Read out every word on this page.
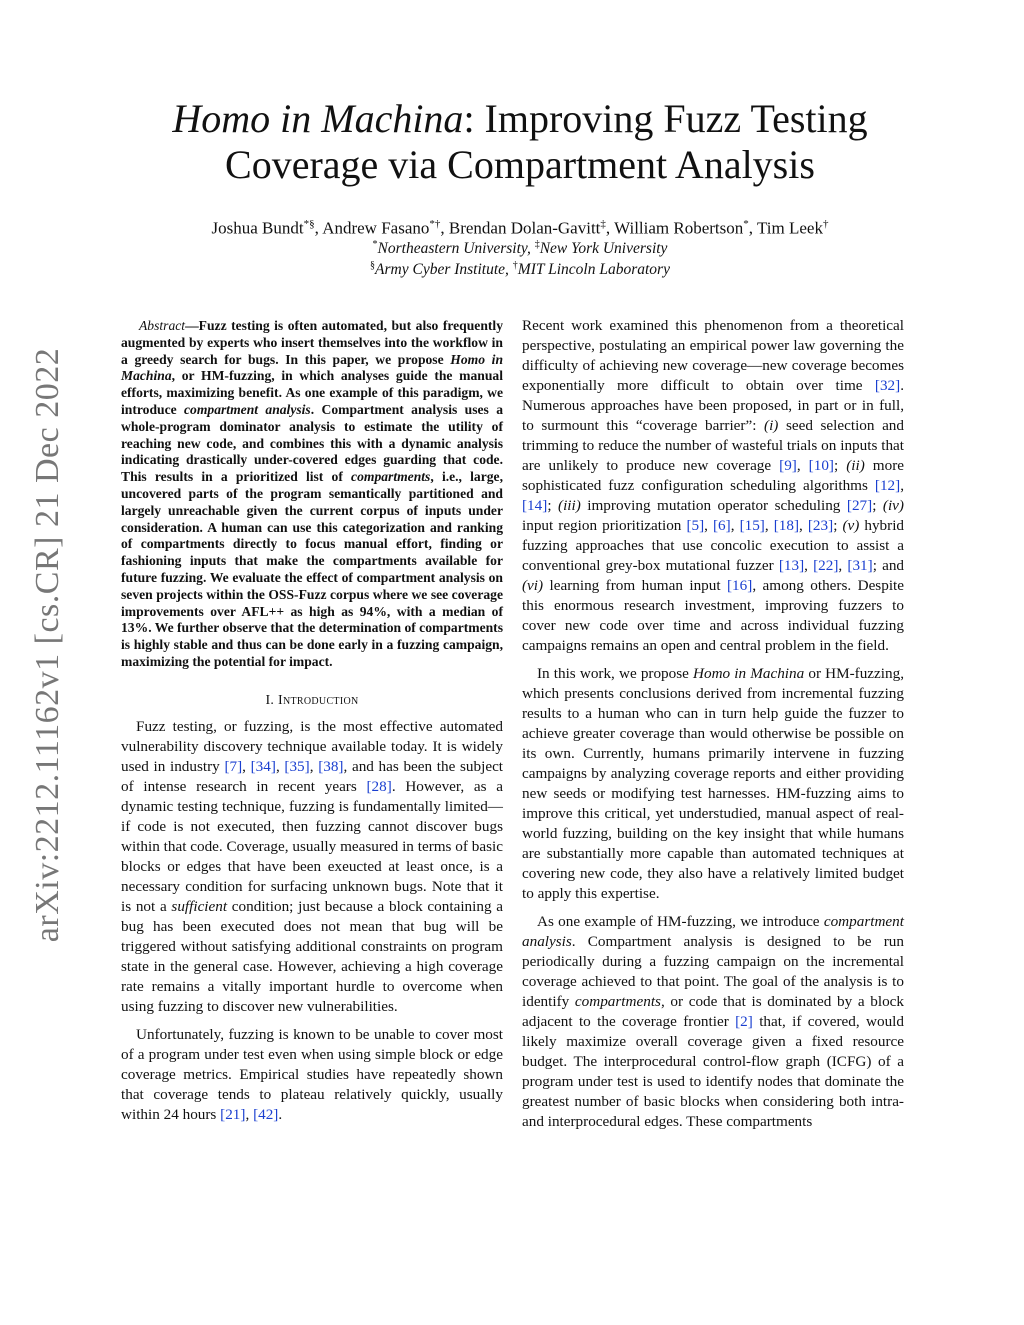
arXiv:2212.11162v1 [cs.CR] 21 Dec 2022
Homo in Machina: Improving Fuzz Testing
Coverage via Compartment Analysis
Joshua Bundt*§, Andrew Fasano*†, Brendan Dolan-Gavitt‡, William Robertson*, Tim Leek†
*Northeastern University, ‡New York University
§Army Cyber Institute, †MIT Lincoln Laboratory

Abstract—Fuzz testing is often automated, but also frequently augmented by experts who insert themselves into the workflow in a greedy search for bugs. In this paper, we propose Homo in Machina, or HM-fuzzing, in which analyses guide the manual efforts, maximizing benefit. As one example of this paradigm, we introduce compartment analysis. Compartment analysis uses a whole-program dominator analysis to estimate the utility of reaching new code, and combines this with a dynamic analysis indicating drastically under-covered edges guarding that code. This results in a prioritized list of compartments, i.e., large, uncovered parts of the program semantically partitioned and largely unreachable given the current corpus of inputs under consideration. A human can use this categorization and ranking of compartments directly to focus manual effort, finding or fashioning inputs that make the compartments available for future fuzzing. We evaluate the effect of compartment analysis on seven projects within the OSS-Fuzz corpus where we see coverage improvements over AFL++ as high as 94%, with a median of 13%. We further observe that the determination of compartments is highly stable and thus can be done early in a fuzzing campaign, maximizing the potential for impact.

I. Introduction

Fuzz testing, or fuzzing, is the most effective automated vulnerability discovery technique available today. It is widely used in industry [7], [34], [35], [38], and has been the subject of intense research in recent years [28]. However, as a dynamic testing technique, fuzzing is fundamentally limited—if code is not executed, then fuzzing cannot discover bugs within that code. Coverage, usually measured in terms of basic blocks or edges that have been exeucted at least once, is a necessary condition for surfacing unknown bugs. Note that it is not a sufficient condition; just because a block containing a bug has been executed does not mean that bug will be triggered without satisfying additional constraints on program state in the general case. However, achieving a high coverage rate remains a vitally important hurdle to overcome when using fuzzing to discover new vulnerabilities.

Unfortunately, fuzzing is known to be unable to cover most of a program under test even when using simple block or edge coverage metrics. Empirical studies have repeatedly shown that coverage tends to plateau relatively quickly, usually within 24 hours [21], [42].

Recent work examined this phenomenon from a theoretical perspective, postulating an empirical power law governing the difficulty of achieving new coverage—new coverage becomes exponentially more difficult to obtain over time [32]. Numerous approaches have been proposed, in part or in full, to surmount this “coverage barrier”: (i) seed selection and trimming to reduce the number of wasteful trials on inputs that are unlikely to produce new coverage [9], [10]; (ii) more sophisticated fuzz configuration scheduling algorithms [12], [14]; (iii) improving mutation operator scheduling [27]; (iv) input region prioritization [5], [6], [15], [18], [23]; (v) hybrid fuzzing approaches that use concolic execution to assist a conventional grey-box mutational fuzzer [13], [22], [31]; and (vi) learning from human input [16], among others. Despite this enormous research investment, improving fuzzers to cover new code over time and across individual fuzzing campaigns remains an open and central problem in the field.

In this work, we propose Homo in Machina or HM-fuzzing, which presents conclusions derived from incremental fuzzing results to a human who can in turn help guide the fuzzer to achieve greater coverage than would otherwise be possible on its own. Currently, humans primarily intervene in fuzzing campaigns by analyzing coverage reports and either providing new seeds or modifying test harnesses. HM-fuzzing aims to improve this critical, yet understudied, manual aspect of real-world fuzzing, building on the key insight that while humans are substantially more capable than automated techniques at covering new code, they also have a relatively limited budget to apply this expertise.

As one example of HM-fuzzing, we introduce compartment analysis. Compartment analysis is designed to be run periodically during a fuzzing campaign on the incremental coverage achieved to that point. The goal of the analysis is to identify compartments, or code that is dominated by a block adjacent to the coverage frontier [2] that, if covered, would likely maximize overall coverage given a fixed resource budget. The interprocedural control-flow graph (ICFG) of a program under test is used to identify nodes that dominate the greatest number of basic blocks when considering both intra- and interprocedural edges. These compartments
